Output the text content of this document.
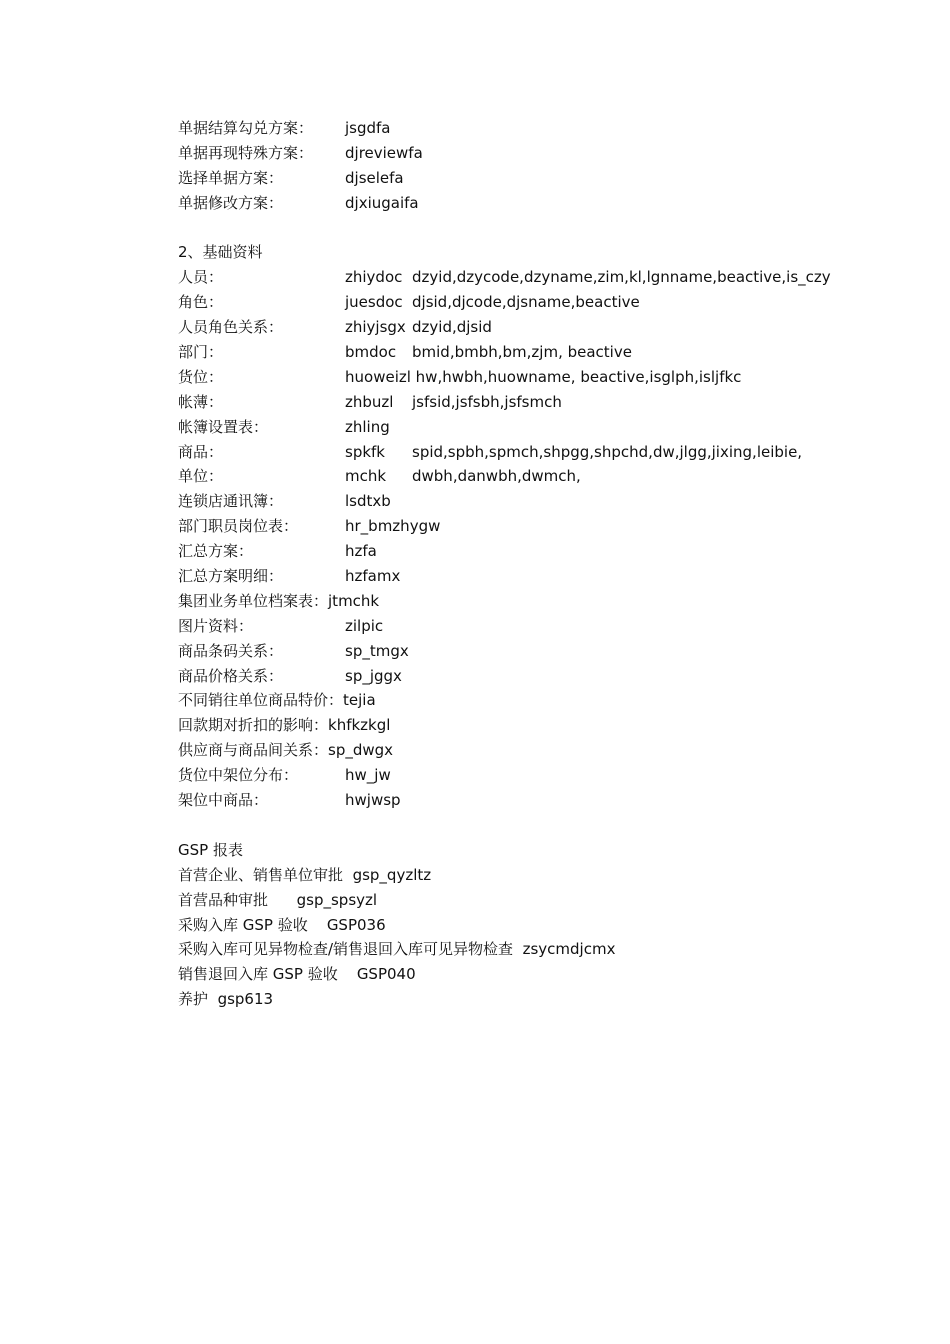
单据结算勾兑方案： jsgdfa
单据再现特殊方案： djreviewfa
选择单据方案：	djselefa
单据修改方案：	djxiugaifa
2、基础资料
人员：	zhiydoc dzyid,dzycode,dzyname,zim,kl,lgnname,beactive,is_czy
角色：	juesdoc djsid,djcode,djsname,beactive
人员角色关系：	zhiyjsgx dzyid,djsid
部门：	bmdoc bmid,bmbh,bm,zjm, beactive
货位：	huoweizl hw,hwbh,huowname, beactive,isglph,isljfkc
帐薄：	zhbuzl jsfsid,jsfsbh,jsfsmch
帐簿设置表：	zhling
商品：	spkfk spid,spbh,spmch,shpgg,shpchd,dw,jlgg,jixing,leibie,
单位：	mchk dwbh,danwbh,dwmch,
连锁店通讯簿：	lsdtxb
部门职员岗位表：	hr_bmzhygw
汇总方案：	hzfa
汇总方案明细：	hzfamx
集团业务单位档案表：jtmchk
图片资料：	zilpic
商品条码关系：	sp_tmgx
商品价格关系：	sp_jggx
不同销往单位商品特价：tejia
回款期对折扣的影响：khfkzkgl
供应商与商品间关系：sp_dwgx
货位中架位分布：	hw_jw
架位中商品：	hwjwsp
GSP 报表
首营企业、销售单位审批 gsp_qyzltz
首营品种审批 gsp_spsyzl
采购入库 GSP 验收 GSP036
采购入库可见异物检查/销售退回入库可见异物检查 zsycmdjcmx
销售退回入库 GSP 验收 GSP040
养护 gsp613
